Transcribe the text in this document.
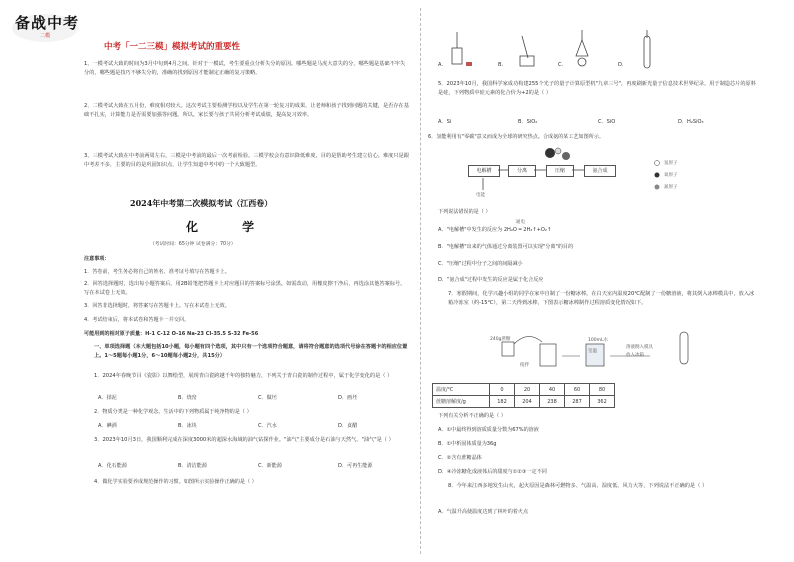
备战中考
二模
中考「一二三模」模拟考试的重要性
1、一模考试大致的时间为3月中旬到4月之间。针对于一模试，考生要重点分析失分的原因。哪些题是马虎大意失的分，哪些题是基础不牢失分的，哪些题是技巧不够失分的，准确的找到原因才能制定正确的复习策略。
2、二模考试大致在五月份，难度相对较大。这次考试主要检测学校以及学生在第一轮复习的成果，让老师和孩子找到问题的关键，是否存在基础不扎实，计算能力是否需要加强等问题。所以，家长要与孩子共同分析考试成绩，提高复习效率。
3、三模考试大致在中考前两周左右，三模是中考前的最后一次考前检验。三模学校会有意识降低难度，目的是帮助考生建立信心。难度只是跟中考差不多，主要的目的是巩固知识点，让学生知道中考中的一个大致题型。
2024年中考第二次模拟考试（江西卷）
化 学
（考试时间：65分钟 试卷满分：70分）
注意事项：
1．答卷前，考生务必将自己的姓名、准考证号填写在答题卡上。
2．回答选择题时，选出每小题答案后，用2B铅笔把答题卡上对应题目的答案标号涂黑。如需改动，用橡皮擦干净后，再选涂其他答案标号。写在本试卷上无效。
3．回答非选择题时，将答案写在答题卡上。写在本试卷上无效。
4．考试结束后，将本试卷和答题卡一并交回。
可能用到的相对原子质量：H-1 C-12 O-16 Na-23 Cl-35.5 S-32 Fe-56
一、单项选择题（本大题包括10小题，每小题有四个选项，其中只有一个选项符合题意，请将符合题意的选项代号涂在答题卡的相应位置上。1～5题每小题1分，6～10题每小题2分，共15分）
1．2024年春晚节目《瓷影》以舞绘型，展现青白瓷跨越千年的独特魅力，下列关于青白瓷的制作过程中，属于化学变化的是（ ）
A．揉泥	B．烧窑	C．做坯	D．画坯
2．物质分类是一种化学观念。生活中的下列物质属于纯净物的是（ ）
A．碘酒	B．冰块	C．汽水	D．食醋
3．2023年10月3日，我国顺利完成在深度3000米的超深水海域的油气钻探作业。"油气"主要成分是石油与天然气，"油气"是（ ）
A．化石能源	B．清洁能源	C．新能源	D．可再生能源
4．做化学实验要养成规范操作的习惯。如图所示实验操作正确的是（ ）
A.	B.	C.	D.
5．2023年10月，我国科学家成功构建255个光子的量子计算原型机"九章三号"，再度刷新光量子信息技术世界纪录。用于制造芯片的原料是硅，下列物质中硅元素的化合价为+2的是（ ）
A．Si	B．SiO₂	C．SiO	D．H₂SiO₃
6．氢能利用有"零碳"意义而成为全球的研究热点。合成氨的某工艺如图所示。
电解槽	分离	压缩	氨合成
电能
氢原子
氧原子
氮原子
下列说法错误的是（ ）
通电
A．"电解槽"中发生的反应为 2H₂O ═ 2H₂↑+O₂↑
B．"电解槽"出来的气体通过分离装置可以实现"分离"的目的
C．"压缩"过程中分子之间的间隔减小
D．"氨合成"过程中发生的反应是属于化合反应
7．寒假期间，化学兴趣小组的同学在家中自制了一份糖冰棒。在白天室内温度20℃配制了一份糖溶液，将其倒入冰棒模具中，放入冰箱冷冻室（约-15℃），第二天得到冰棒，下图表示糖冰棒制作过程溶质变化情况如下。
240g蔗糖
搅拌
100mL水
室温
溶液倒入模具
放入冰箱
温度/℃	0	20	40	60	80
蔗糖溶解度/g	182	204	238	287	362
下列有关分析不正确的是（ ）
A．①中最终得到溶质质量分数为67%的溶液
B．①中析固体质量为36g
C．②含有蔗糖晶体
D．④冷冻糖化成液体后的甜度与①②③一定不同
8．今年来江西多地发生山火，起火原因是森林可燃物多、气温高、湿度低、风力大等，下列说法不正确的是（ ）
A．气温升高使温度达到了林叶的着火点
